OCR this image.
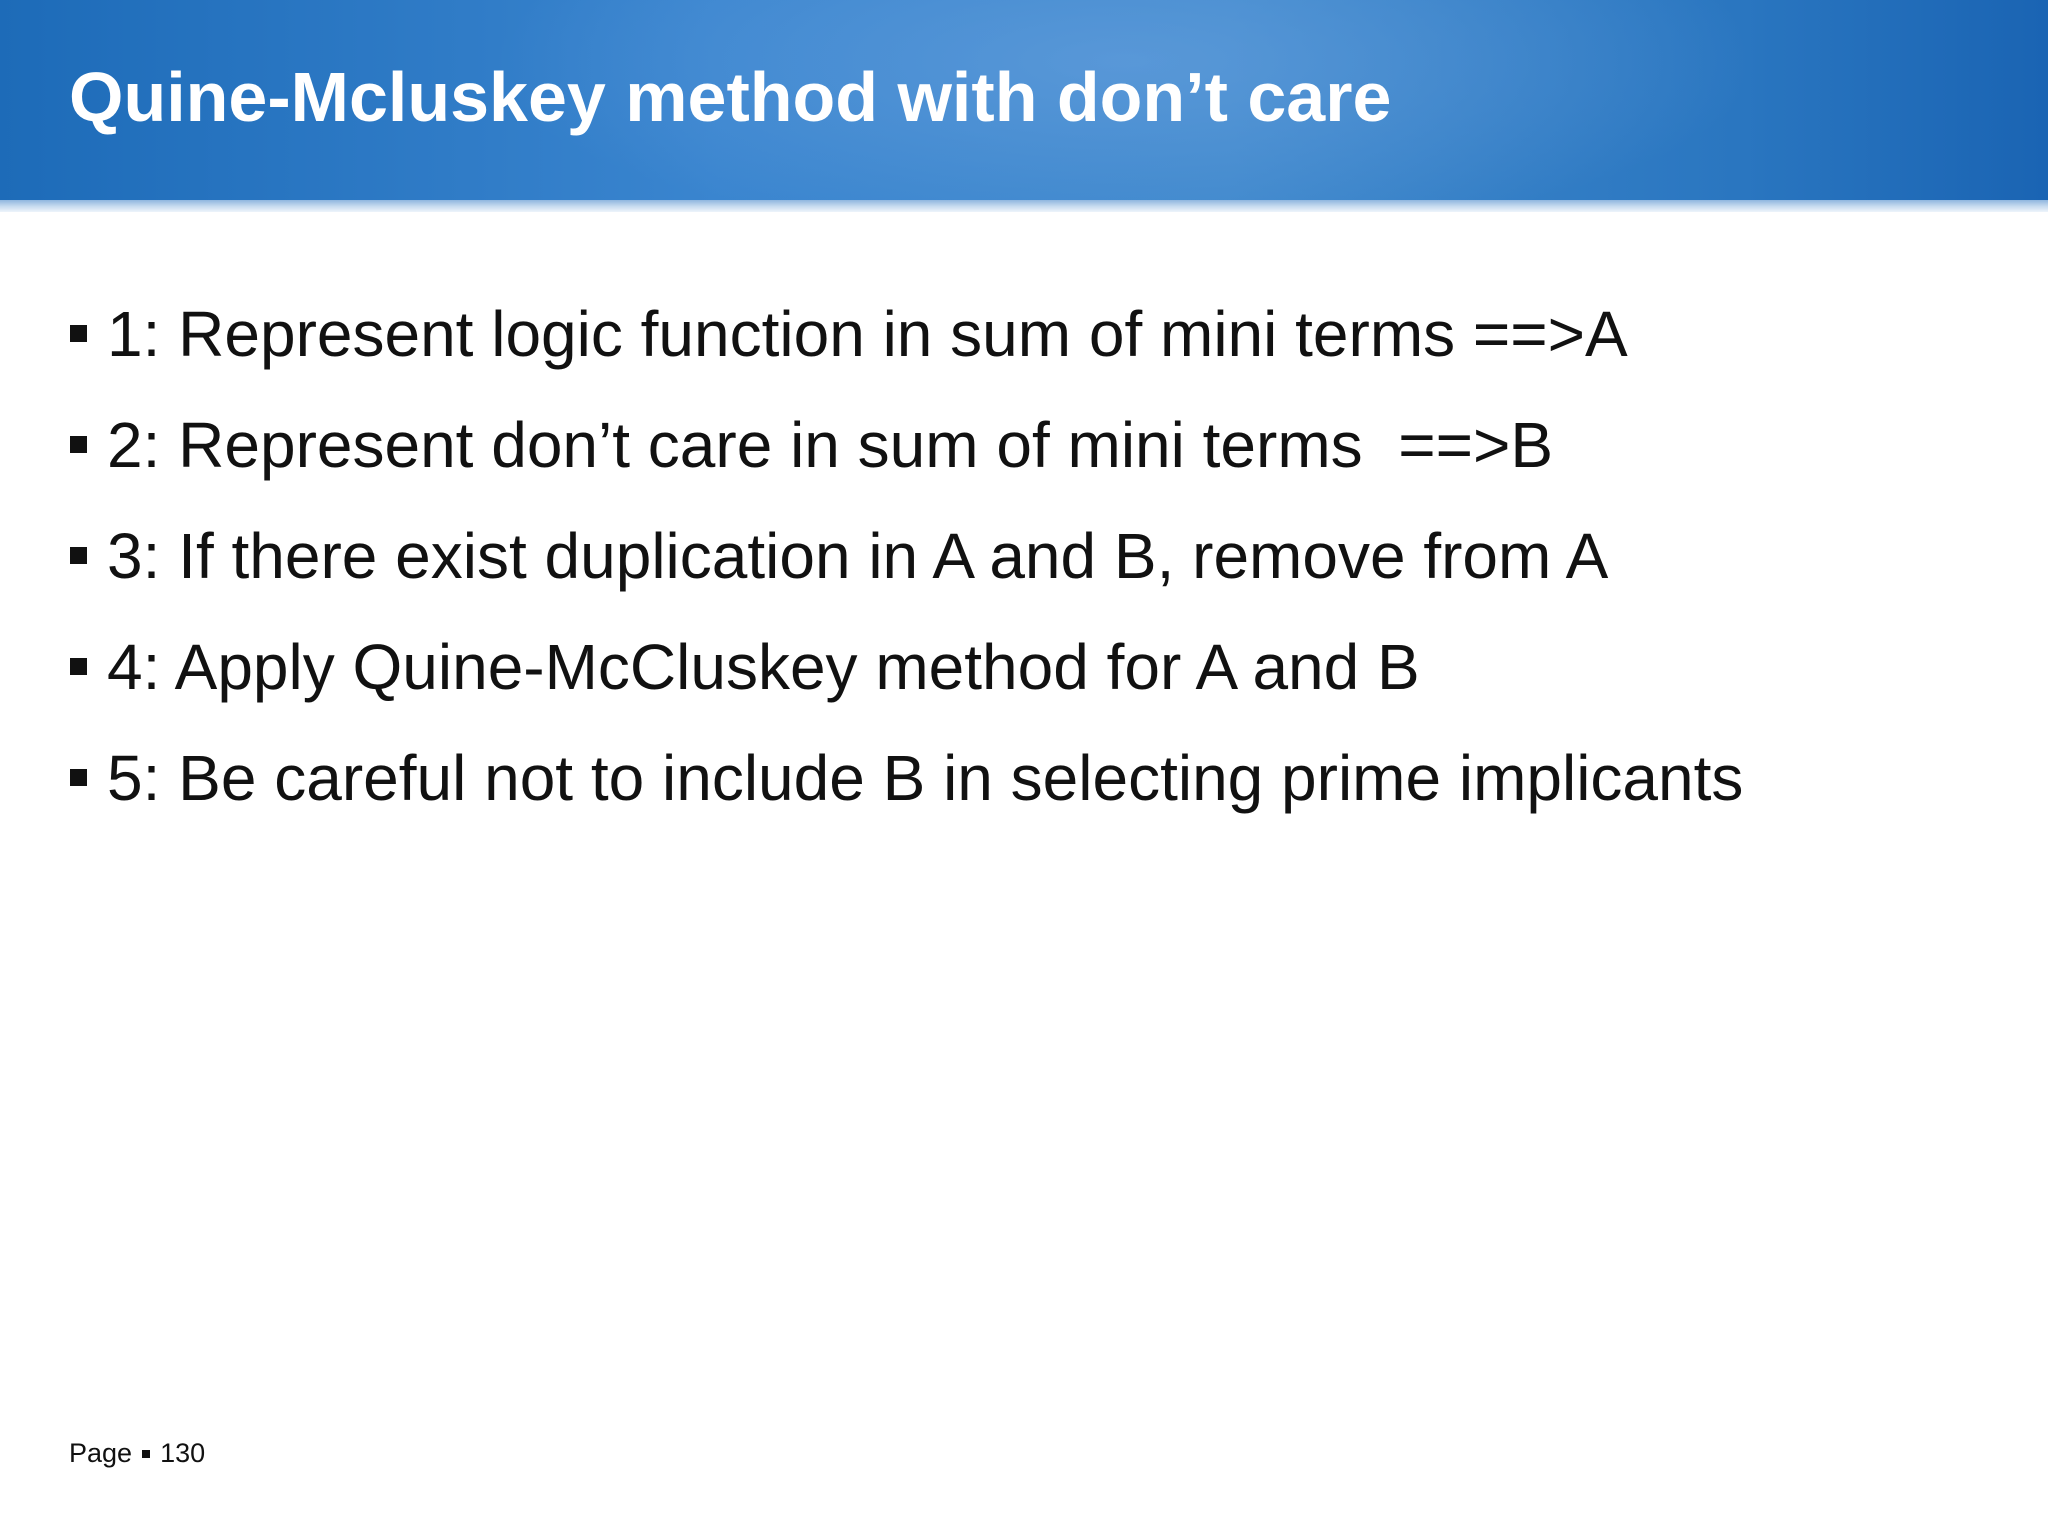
Quine-Mcluskey method with don’t care
1: Represent logic function in sum of mini terms ==>A
2: Represent don’t care in sum of mini terms  ==>B
3: If there exist duplication in A and B, remove from A
4: Apply Quine-McCluskey method for A and B
5: Be careful not to include B in selecting prime implicants
Page 130
